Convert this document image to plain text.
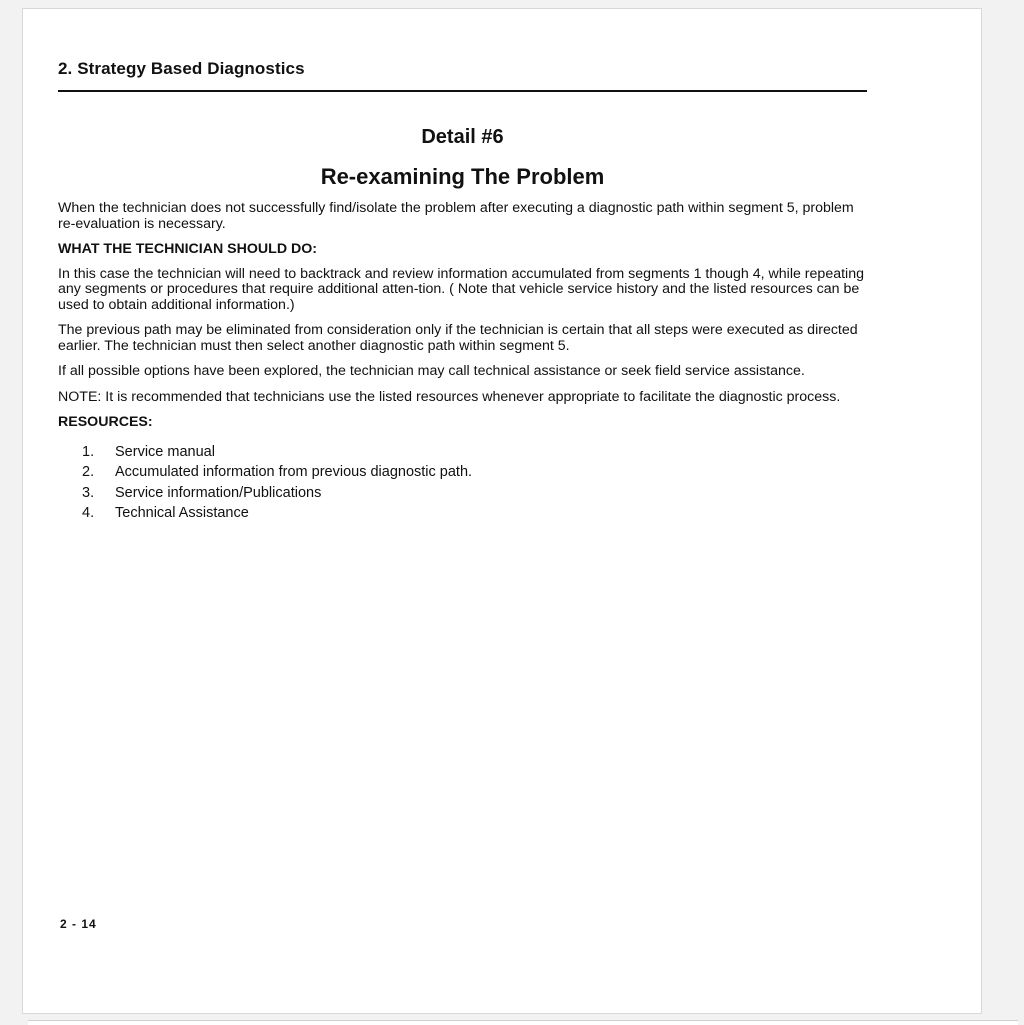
2. Strategy Based Diagnostics
Detail #6
Re-examining The Problem

When the technician does not successfully find/isolate the problem after executing a diagnostic path within segment 5, problem re-evaluation is necessary.

WHAT THE TECHNICIAN SHOULD DO:

In this case the technician will need to backtrack and review information accumulated from segments 1 though 4, while repeating any segments or procedures that require additional atten-tion. ( Note that vehicle service history and the listed resources can be used to obtain additional information.)

The previous path may be eliminated from consideration only if the technician is certain that all steps were executed as directed earlier. The technician must then select another diagnostic path within segment 5.

If all possible options have been explored, the technician may call technical assistance or seek field service assistance.

NOTE: It is recommended that technicians use the listed resources whenever appropriate to facilitate the diagnostic process.

RESOURCES:
1.	Service manual
2.	Accumulated information from previous diagnostic path.
3.	Service information/Publications
4.	Technical Assistance
2 - 14
